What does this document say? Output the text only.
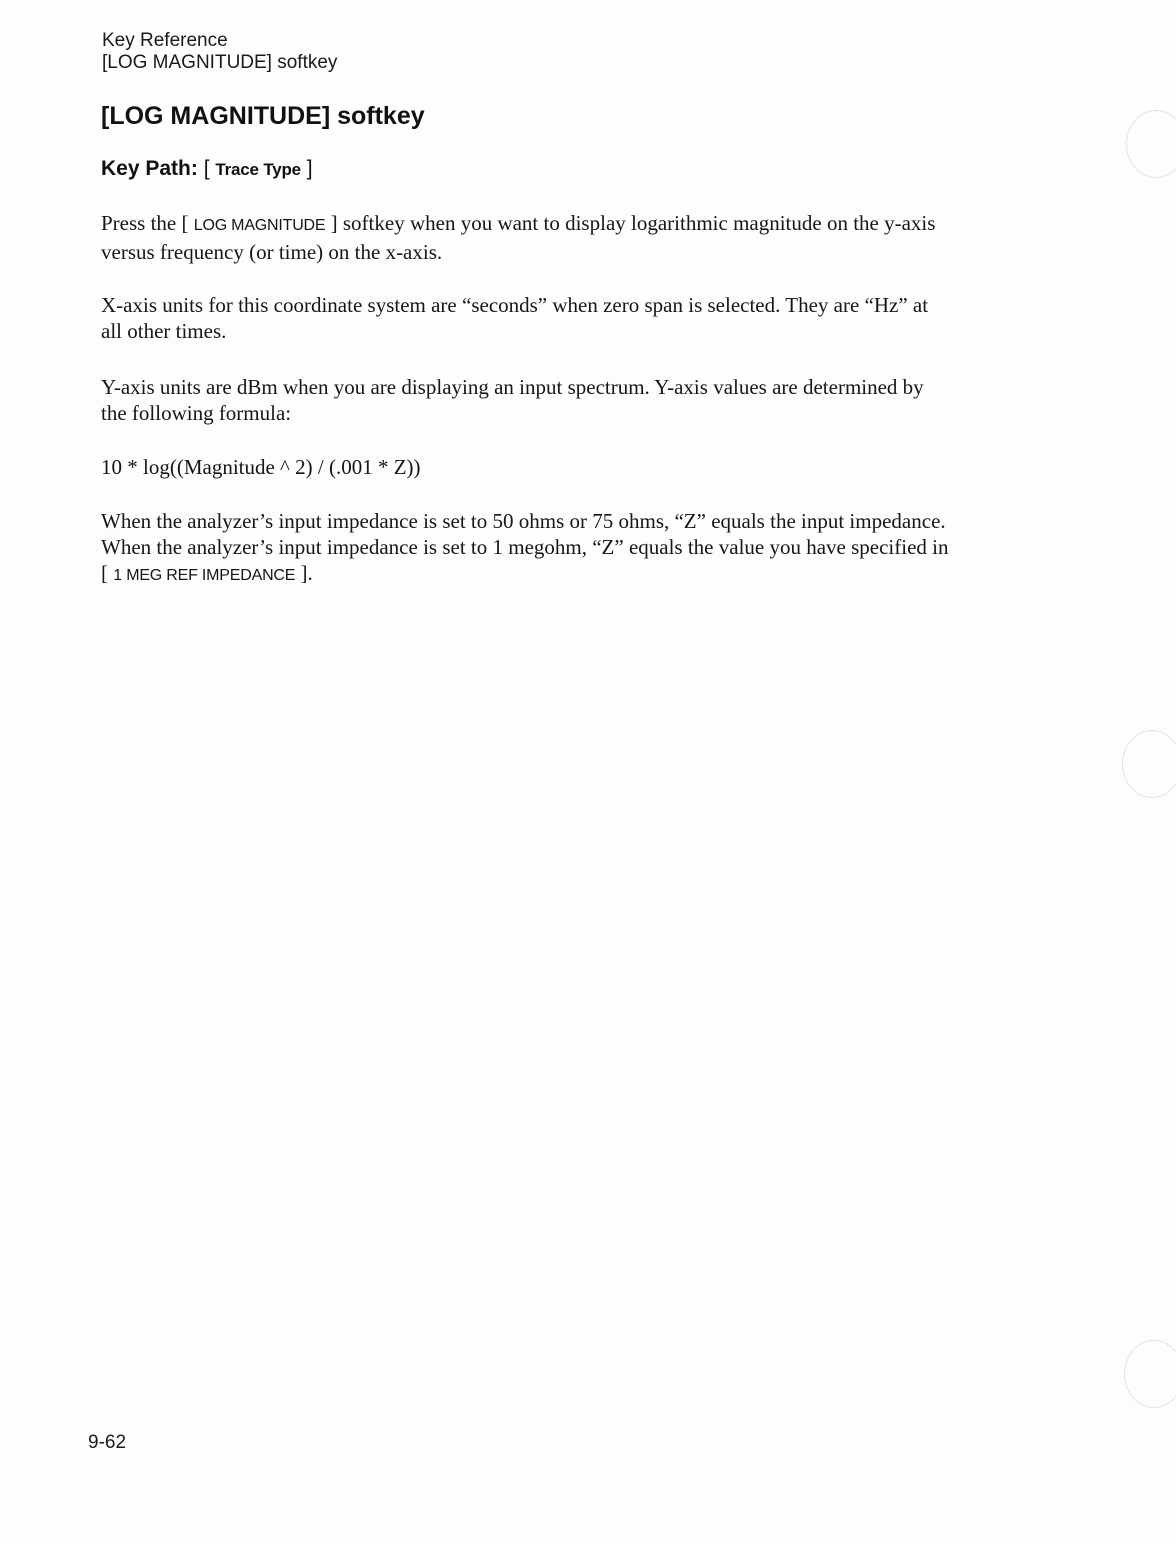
Key Reference
[LOG MAGNITUDE] softkey
[LOG MAGNITUDE] softkey
Key Path: [ Trace Type ]
Press the [ LOG MAGNITUDE ] softkey when you want to display logarithmic magnitude on the y-axis
versus frequency (or time) on the x-axis.
X-axis units for this coordinate system are “seconds” when zero span is selected. They are “Hz” at
all other times.
Y-axis units are dBm when you are displaying an input spectrum. Y-axis values are determined by
the following formula:
10 * log((Magnitude ^ 2) / (.001 * Z))
When the analyzer’s input impedance is set to 50 ohms or 75 ohms, “Z” equals the input impedance.
When the analyzer’s input impedance is set to 1 megohm, “Z” equals the value you have specified in
[ 1 MEG REF IMPEDANCE ].
9-62
